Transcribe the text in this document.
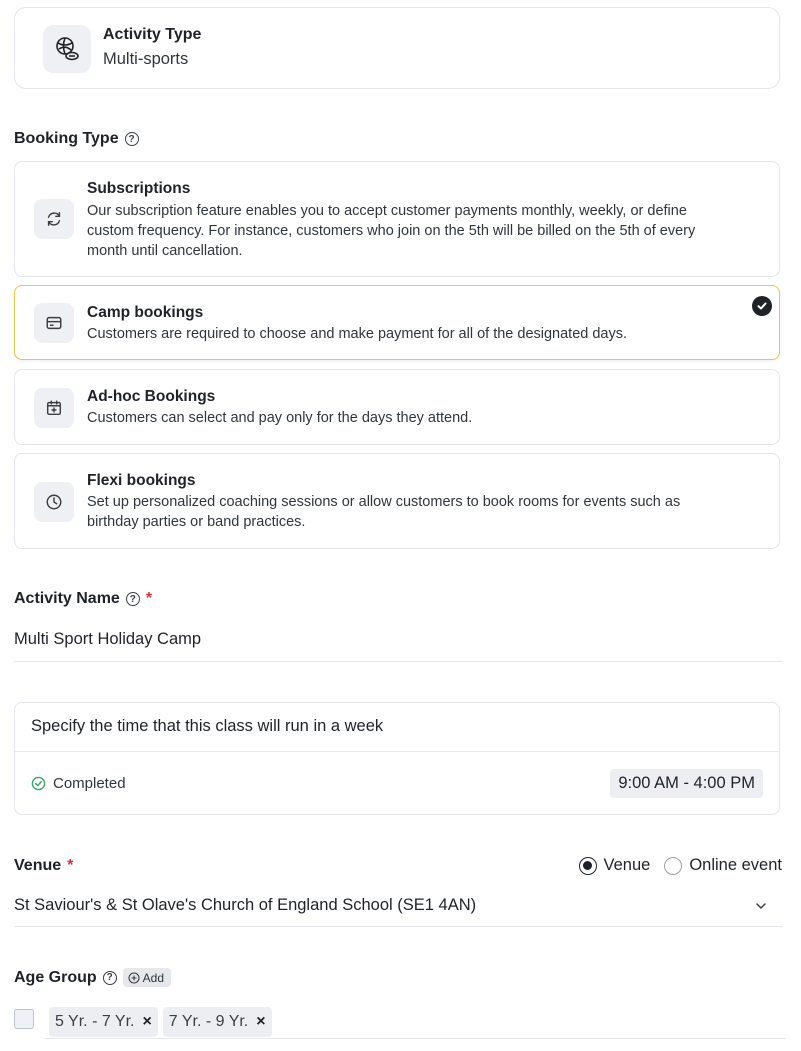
Activity Type
Multi-sports
Booking Type ?
Subscriptions
Our subscription feature enables you to accept customer payments monthly, weekly, or define custom frequency. For instance, customers who join on the 5th will be billed on the 5th of every month until cancellation.
Camp bookings
Customers are required to choose and make payment for all of the designated days.
Ad-hoc Bookings
Customers can select and pay only for the days they attend.
Flexi bookings
Set up personalized coaching sessions or allow customers to book rooms for events such as birthday parties or band practices.
Activity Name ? *
Multi Sport Holiday Camp
Specify the time that this class will run in a week
Completed	9:00 AM - 4:00 PM
Venue *	Venue Online event
St Saviour's & St Olave's Church of England School (SE1 4AN)
Age Group ?	Add
5 Yr. - 7 Yr. × 7 Yr. - 9 Yr. ×
